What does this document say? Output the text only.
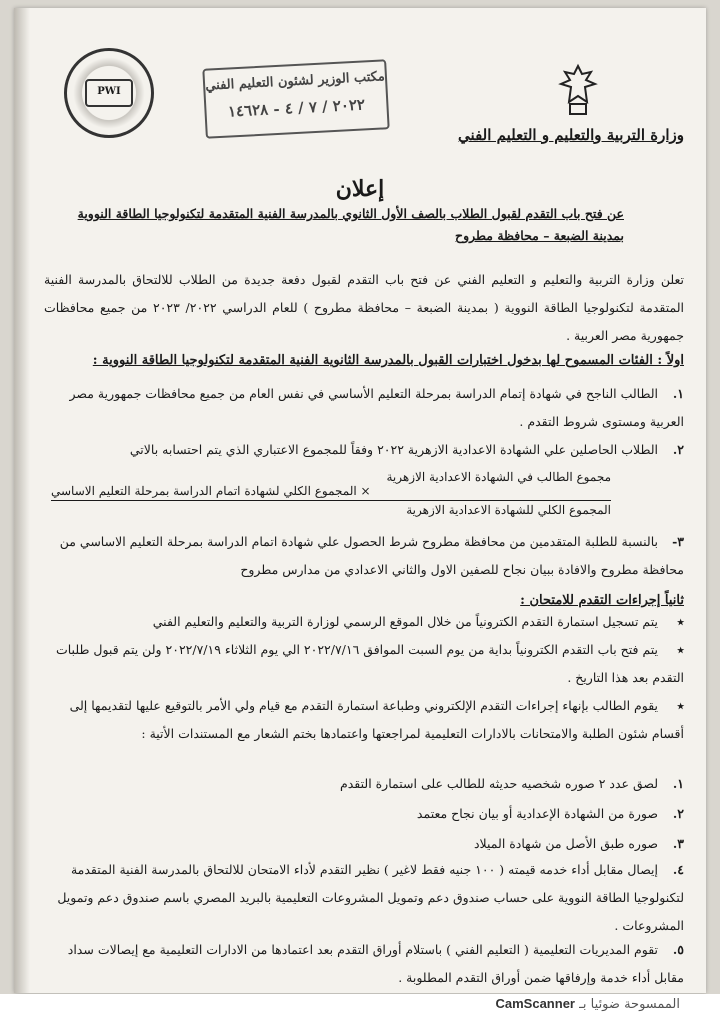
PWI	مكتب الوزير لشئون التعليم الفني
٢٠٢٢ / ٧ / ٤ - ١٤٦٢٨
وزارة التربية والتعليم و التعليم الفني
إعلان
عن فتح باب التقدم لقبول الطلاب بالصف الأول الثانوي بالمدرسة الفنية المتقدمة لتكنولوجيا الطاقة النووية بمدينة الضبعة – محافظة مطروح
تعلن وزارة التربية والتعليم و التعليم الفني عن فتح باب التقدم لقبول دفعة جديدة من الطلاب للالتحاق بالمدرسة الفنية المتقدمة لتكنولوجيا الطاقة النووية ( بمدينة الضبعة – محافظة مطروح ) للعام الدراسي ٢٠٢٢/ ٢٠٢٣ من جميع محافظات جمهورية مصر العربية .
اولاً : الفئات المسموح لها بدخول اختبارات القبول بالمدرسة الثانوية الفنية المتقدمة لتكنولوجيا الطاقة النووية :
١. الطالب الناجح في شهادة إتمام الدراسة بمرحلة التعليم الأساسي في نفس العام من جميع محافظات جمهورية مصر العربية ومستوى شروط التقدم .
٢. الطلاب الحاصلين علي الشهادة الاعدادية الازهرية ٢٠٢٢ وفقاً للمجموع الاعتباري الذي يتم احتسابه بالاتي
مجموع الطالب في الشهادة الاعدادية الازهرية
× المجموع الكلي لشهادة اتمام الدراسة بمرحلة التعليم الاساسي
المجموع الكلي للشهادة الاعدادية الازهرية
٣- بالنسبة للطلبة المتقدمين من محافظة مطروح شرط الحصول علي شهادة اتمام الدراسة بمرحلة التعليم الاساسي من محافظة مطروح والافادة ببيان نجاح للصفين الاول والثاني الاعدادي من مدارس مطروح
ثانياً إجراءات التقدم للامتحان :
٭ يتم تسجيل استمارة التقدم الكترونياً من خلال الموقع الرسمي لوزارة التربية والتعليم والتعليم الفني
٭ يتم فتح باب التقدم الكترونياً بداية من يوم السبت الموافق ٢٠٢٢/٧/١٦ الي يوم الثلاثاء ٢٠٢٢/٧/١٩ ولن يتم قبول طلبات التقدم بعد هذا التاريخ .
٭ يقوم الطالب بإنهاء إجراءات التقدم الإلكتروني وطباعة استمارة التقدم مع قيام ولي الأمر بالتوقيع عليها لتقديمها إلى أقسام شئون الطلبة والامتحانات بالادارات التعليمية لمراجعتها واعتمادها بختم الشعار مع المستندات الأتية :
١. لصق عدد ٢ صوره شخصيه حديثه للطالب على استمارة التقدم
٢. صورة من الشهادة الإعدادية أو بيان نجاح معتمد
٣. صوره طبق الأصل من شهادة الميلاد
٤. إيصال مقابل أداء خدمه قيمته ( ١٠٠ جنيه فقط لاغير ) نظير التقدم لأداء الامتحان للالتحاق بالمدرسة الفنية المتقدمة لتكنولوجيا الطاقة النووية على حساب صندوق دعم وتمويل المشروعات التعليمية بالبريد المصري باسم صندوق دعم وتمويل المشروعات .
٥. تقوم المديريات التعليمية ( التعليم الفني ) باستلام أوراق التقدم بعد اعتمادها من الادارات التعليمية مع إيصالات سداد مقابل أداء خدمة وإرفاقها ضمن أوراق التقدم المطلوبة .
الممسوحة ضوئيا بـ CamScanner
